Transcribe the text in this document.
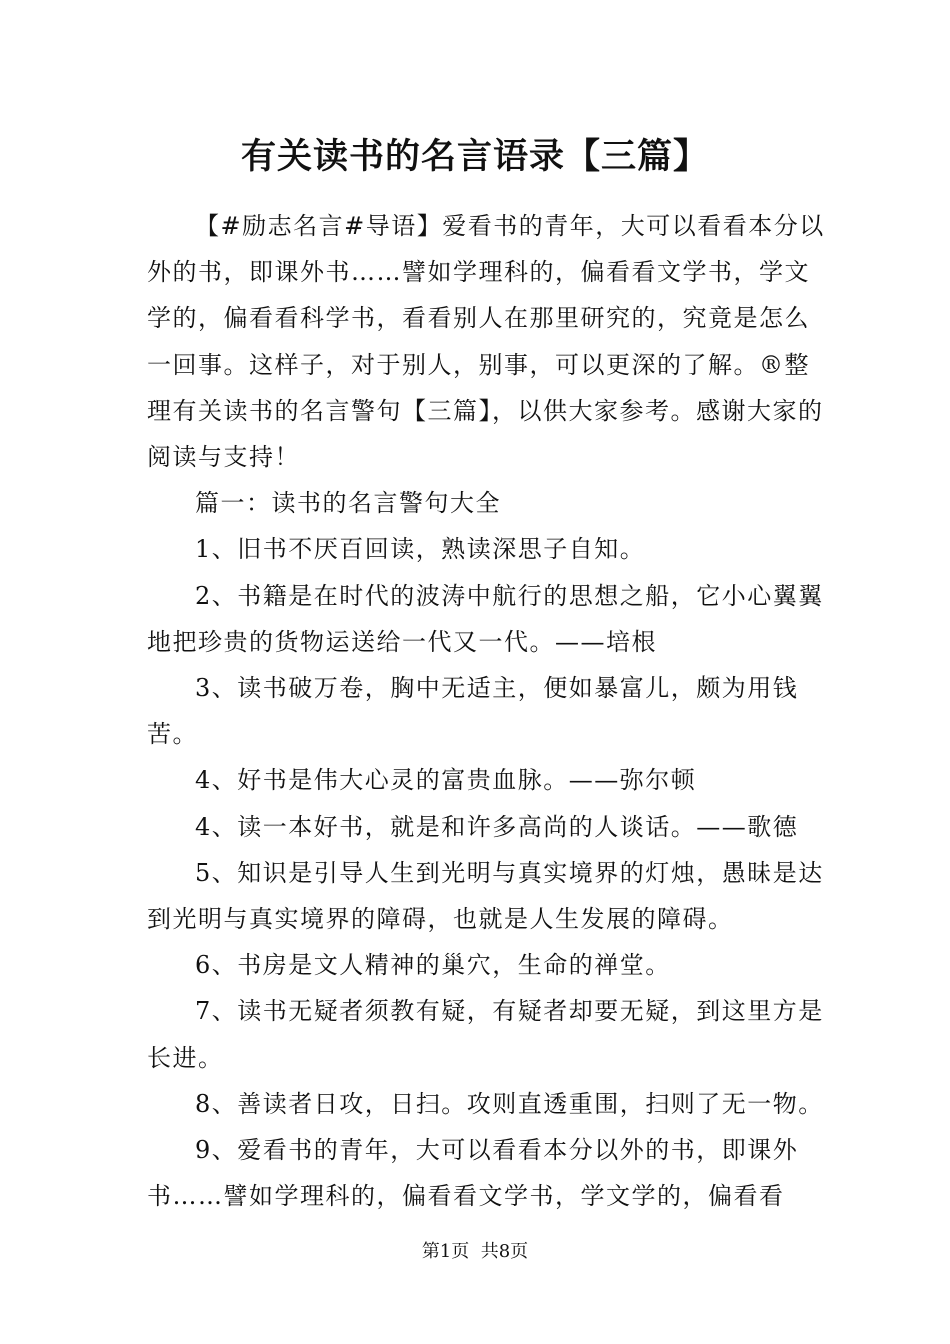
有关读书的名言语录【三篇】

【#励志名言#导语】爱看书的青年，大可以看看本分以外的书，即课外书……譬如学理科的，偏看看文学书，学文学的，偏看看科学书，看看别人在那里研究的，究竟是怎么一回事。这样子，对于别人，别事，可以更深的了解。®整理有关读书的名言警句【三篇】，以供大家参考。感谢大家的阅读与支持！

篇一：读书的名言警句大全

1、旧书不厌百回读，熟读深思子自知。

2、书籍是在时代的波涛中航行的思想之船，它小心翼翼地把珍贵的货物运送给一代又一代。——培根

3、读书破万卷，胸中无适主，便如暴富儿，颇为用钱苦。

4、好书是伟大心灵的富贵血脉。——弥尔顿

4、读一本好书，就是和许多高尚的人谈话。——歌德

5、知识是引导人生到光明与真实境界的灯烛，愚昧是达到光明与真实境界的障碍，也就是人生发展的障碍。

6、书房是文人精神的巢穴，生命的禅堂。

7、读书无疑者须教有疑，有疑者却要无疑，到这里方是长进。

8、善读者日攻，日扫。攻则直透重围，扫则了无一物。

9、爱看书的青年，大可以看看本分以外的书，即课外书……譬如学理科的，偏看看文学书，学文学的，偏看看

第1页  共8页
